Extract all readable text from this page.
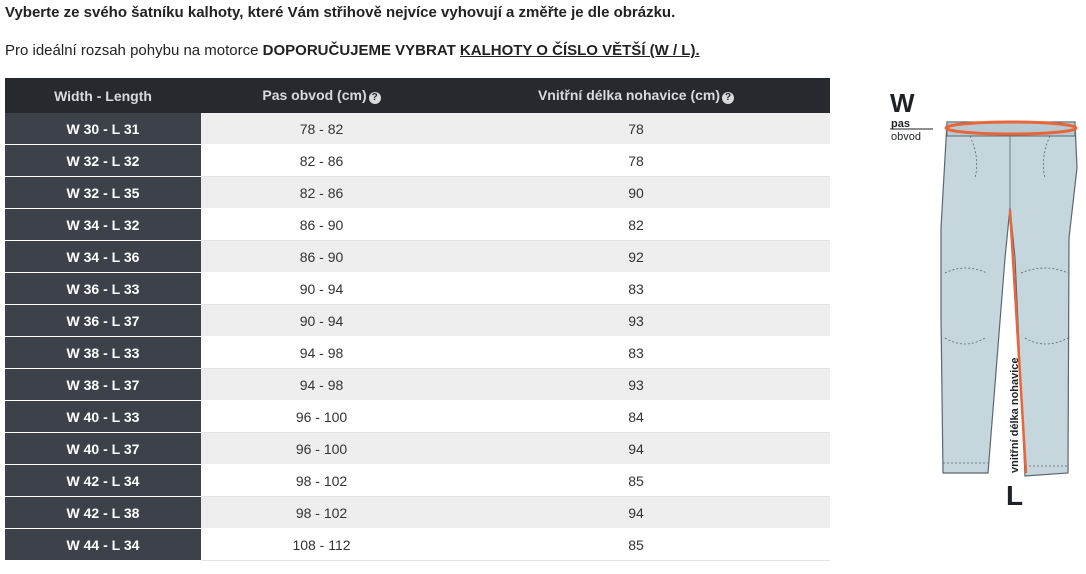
Vyberte ze svého šatníku kalhoty, které Vám střihově nejvíce vyhovují a změřte je dle obrázku.
Pro ideální rozsah pohybu na motorce DOPORUČUJEME VYBRAT KALHOTY O ČÍSLO VĚTŠÍ (W / L).
Width - Length	Pas obvod (cm) ?	Vnitřní délka nohavice (cm) ?
W 30 - L 31	78 - 82	78
W 32 - L 32	82 - 86	78
W 32 - L 35	82 - 86	90
W 34 - L 32	86 - 90	82
W 34 - L 36	86 - 90	92
W 36 - L 33	90 - 94	83
W 36 - L 37	90 - 94	93
W 38 - L 33	94 - 98	83
W 38 - L 37	94 - 98	93
W 40 - L 33	96 - 100	84
W 40 - L 37	96 - 100	94
W 42 - L 34	98 - 102	85
W 42 - L 38	98 - 102	94
W 44 - L 34	108 - 112	85
W
pas
obvod
vnitřní délka nohavice
L
